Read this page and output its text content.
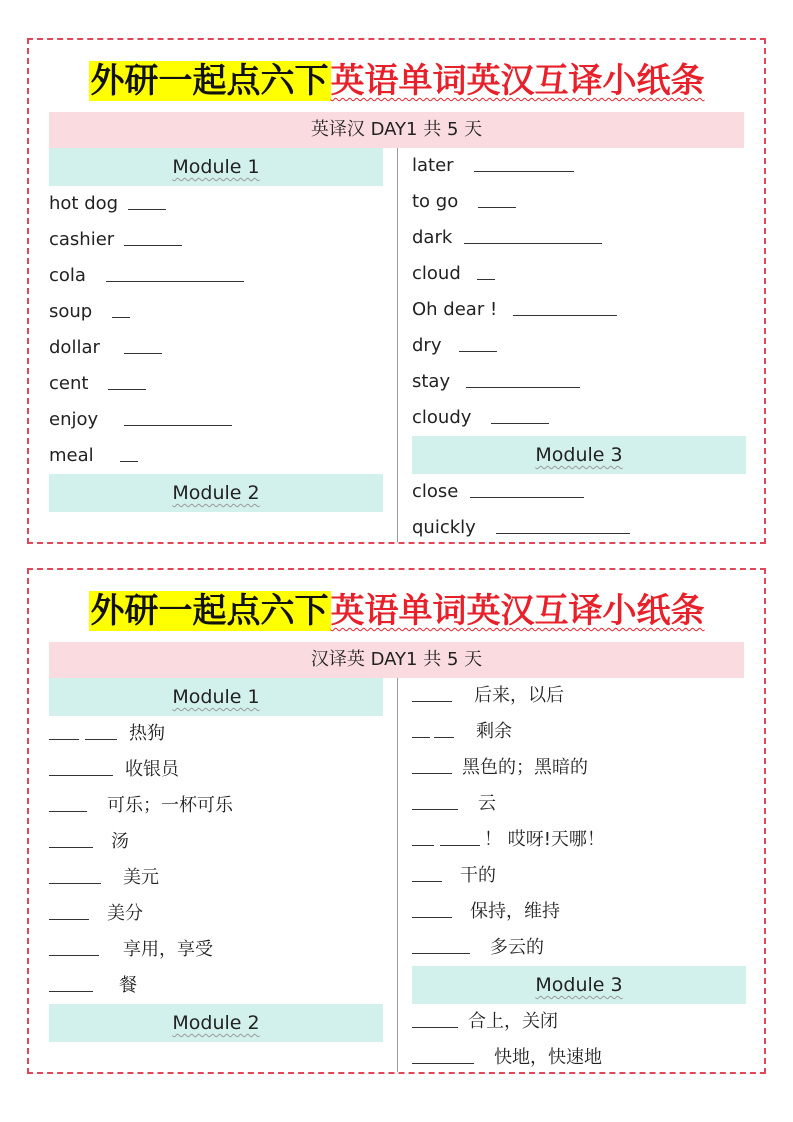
外研一起点六下英语单词英汉互译小纸条
英译汉 DAY1 共 5 天
Module 1
hot dog
cashier
cola
soup
dollar
cent
enjoy
meal
Module 2
later
to go
dark
cloud
Oh dear !
dry
stay
cloudy
Module 3
close
quickly
外研一起点六下英语单词英汉互译小纸条
汉译英 DAY1 共 5 天
Module 1
热狗
收银员
可乐；一杯可乐
汤
美元
美分
享用，享受
餐
Module 2
后来，以后
剩余
黑色的；黑暗的
云
！ 哎呀!天哪！
干的
保持，维持
多云的
Module 3
合上，关闭
快地，快速地
